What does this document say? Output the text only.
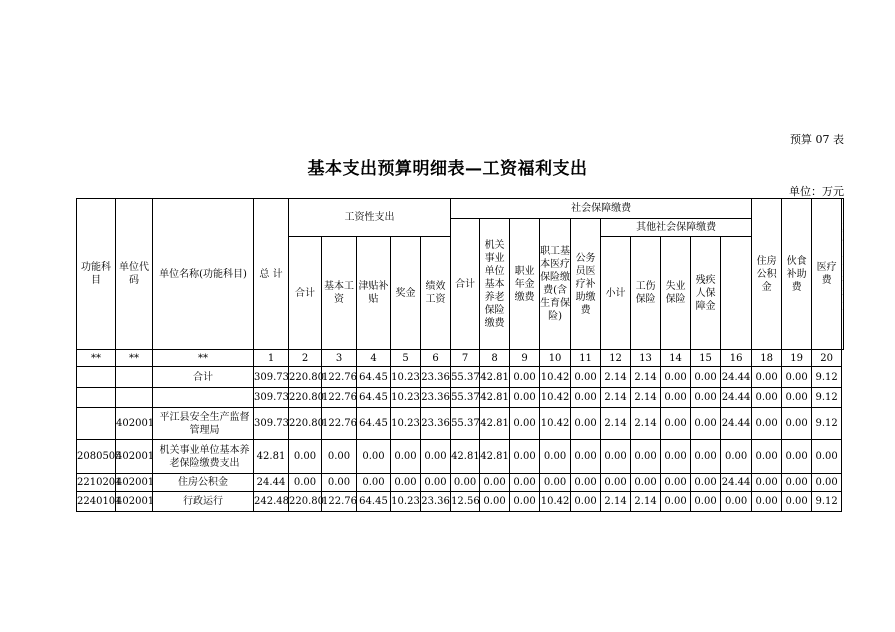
预算 07 表
基本支出预算明细表—工资福利支出
单位：万元
功能科目	单位代码	单位名称(功能科目)	总 计	工资性支出					社会保障缴费										住房公积金	伙食补助费	医疗费	
									合计	机关事业单位基本养老保险缴费	职业年金缴费	职工基本医疗保险缴费(含生育保险)	公务员医疗补助缴费	其他社会保障缴费								
				合计	基本工资	津贴补贴	奖金	绩效工资						小计	工伤保险	失业保险	残疾人保障金					

**	**	**	1	2	3	4	5	6	7	8	9	10	11	12	13	14	15	16	18	19	20	
		合计	309.73	220.80	122.76	64.45	10.23	23.36	55.37	42.81	0.00	10.42	0.00	2.14	2.14	0.00	0.00	24.44	0.00	0.00	9.12	
			309.73	220.80	122.76	64.45	10.23	23.36	55.37	42.81	0.00	10.42	0.00	2.14	2.14	0.00	0.00	24.44	0.00	0.00	9.12	
	402001	平江县安全生产监督管理局	309.73	220.80	122.76	64.45	10.23	23.36	55.37	42.81	0.00	10.42	0.00	2.14	2.14	0.00	0.00	24.44	0.00	0.00	9.12	
2080505	402001	机关事业单位基本养老保险缴费支出	42.81	0.00	0.00	0.00	0.00	0.00	42.81	42.81	0.00	0.00	0.00	0.00	0.00	0.00	0.00	0.00	0.00	0.00	0.00	
2210201	402001	住房公积金	24.44	0.00	0.00	0.00	0.00	0.00	0.00	0.00	0.00	0.00	0.00	0.00	0.00	0.00	0.00	24.44	0.00	0.00	0.00	
2240101	402001	行政运行	242.48	220.80	122.76	64.45	10.23	23.36	12.56	0.00	0.00	10.42	0.00	2.14	2.14	0.00	0.00	0.00	0.00	0.00	9.12	
